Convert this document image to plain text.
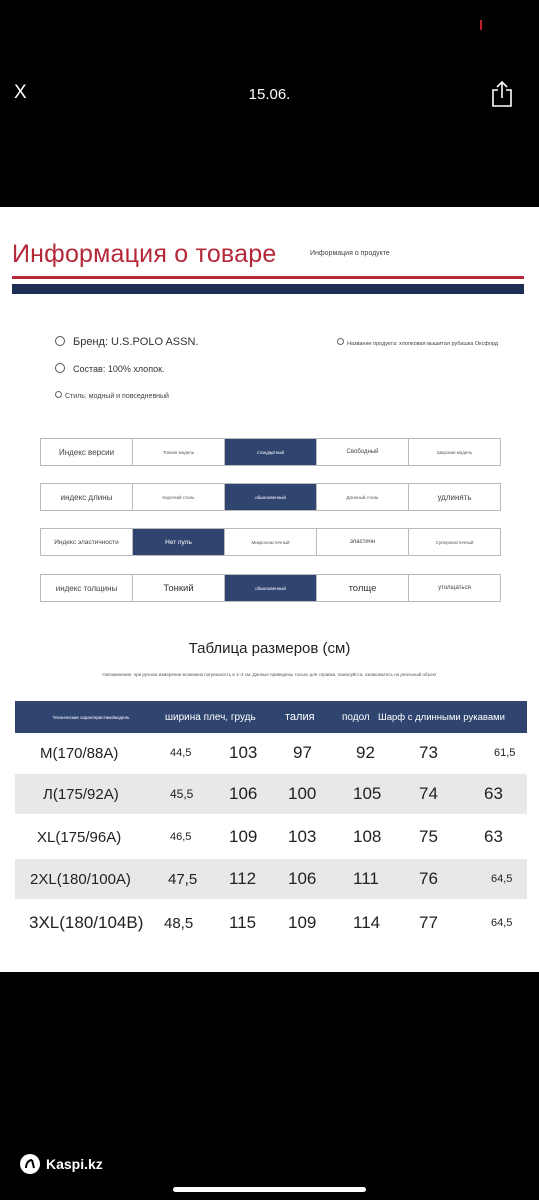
X	15.06.
Информация о товаре	Информация о продукте
Бренд: U.S.POLO ASSN.
Состав: 100% хлопок.
Стиль: модный и повседневный
Название продукта: хлопковая вышитая рубашка Оксфорд
Индекс версии	Тонкая модель	стандартный	Свободный	Широкая модель
индекс длины	Короткий стиль	обыкновенный	Длинный стиль	удлинять
Индекс эластичности	Нет пуль	Микроэластичный	эластичн	Суперэластичный
индекс толщины	Тонкий	обыкновенный	толще	утолщаться
Таблица размеров (см)
Напоминание: при ручном измерении возможна погрешность в 1–3 см. Данные приведены только для справки, пожалуйста, ознакомьтесь на реальный объект
Технические характеристики/модель	ширина плеч, грудь	талия	подол Шарф с длинными рукавами
М(170/88А)	44,5 103 97	92	73	61,5
Л(175/92А)	45,5 106 100 105 74	63
XL(175/96А)	46,5 109 103 108 75	63
2XL(180/100А) 47,5 112 106 111 76	64,5
3XL(180/104B) 48,5 115 109 114 77	64,5
Kaspi.kz
